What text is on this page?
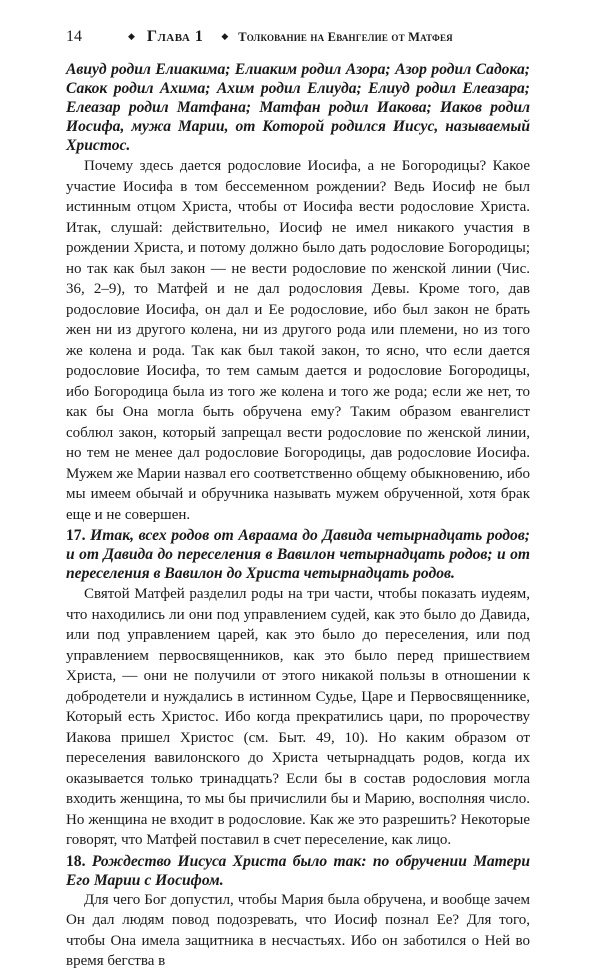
14	◆ Глава 1 ◆ Толкование на Евангелие от Матфея

Авиуд родил Елиакима; Елиаким родил Азора; Азор родил Садока; Сакок родил Ахима; Ахим родил Елиуда; Елиуд родил Елеазара; Елеазар родил Матфана; Матфан родил Иакова; Иаков родил Иосифа, мужа Марии, от Которой родился Иисус, называемый Христос.

Почему здесь дается родословие Иосифа, а не Богородицы? Какое участие Иосифа в том бессеменном рождении? Ведь Иосиф не был истинным отцом Христа, чтобы от Иосифа вести родословие Христа. Итак, слушай: действительно, Иосиф не имел никакого участия в рождении Христа, и потому должно было дать родословие Богородицы; но так как был закон — не вести родословие по женской линии (Чис. 36, 2–9), то Матфей и не дал родословия Девы. Кроме того, дав родословие Иосифа, он дал и Ее родословие, ибо был закон не брать жен ни из другого колена, ни из другого рода или племени, но из того же колена и рода. Так как был такой закон, то ясно, что если дается родословие Иосифа, то тем самым дается и родословие Богородицы, ибо Богородица была из того же колена и того же рода; если же нет, то как бы Она могла быть обручена ему? Таким образом евангелист соблюл закон, который запрещал вести родословие по женской линии, но тем не менее дал родословие Богородицы, дав родословие Иосифа. Мужем же Марии назвал его соответственно общему обыкновению, ибо мы имеем обычай и обручника называть мужем обрученной, хотя брак еще и не совершен.

17. Итак, всех родов от Авраама до Давида четырнадцать родов; и от Давида до переселения в Вавилон четырнадцать родов; и от переселения в Вавилон до Христа четырнадцать родов.

Святой Матфей разделил роды на три части, чтобы показать иудеям, что находились ли они под управлением судей, как это было до Давида, или под управлением царей, как это было до переселения, или под управлением первосвященников, как это было перед пришествием Христа, — они не получили от этого никакой пользы в отношении к добродетели и нуждались в истинном Судье, Царе и Первосвященнике, Который есть Христос. Ибо когда прекратились цари, по пророчеству Иакова пришел Христос (см. Быт. 49, 10). Но каким образом от переселения вавилонского до Христа четырнадцать родов, когда их оказывается только тринадцать? Если бы в состав родословия могла входить женщина, то мы бы причислили бы и Марию, восполняя число. Но женщина не входит в родословие. Как же это разрешить? Некоторые говорят, что Матфей поставил в счет переселение, как лицо.

18. Рождество Иисуса Христа было так: по обручении Матери Его Марии с Иосифом.

Для чего Бог допустил, чтобы Мария была обручена, и вообще зачем Он дал людям повод подозревать, что Иосиф познал Ее? Для того, чтобы Она имела защитника в несчастьях. Ибо он заботился о Ней во время бегства в
